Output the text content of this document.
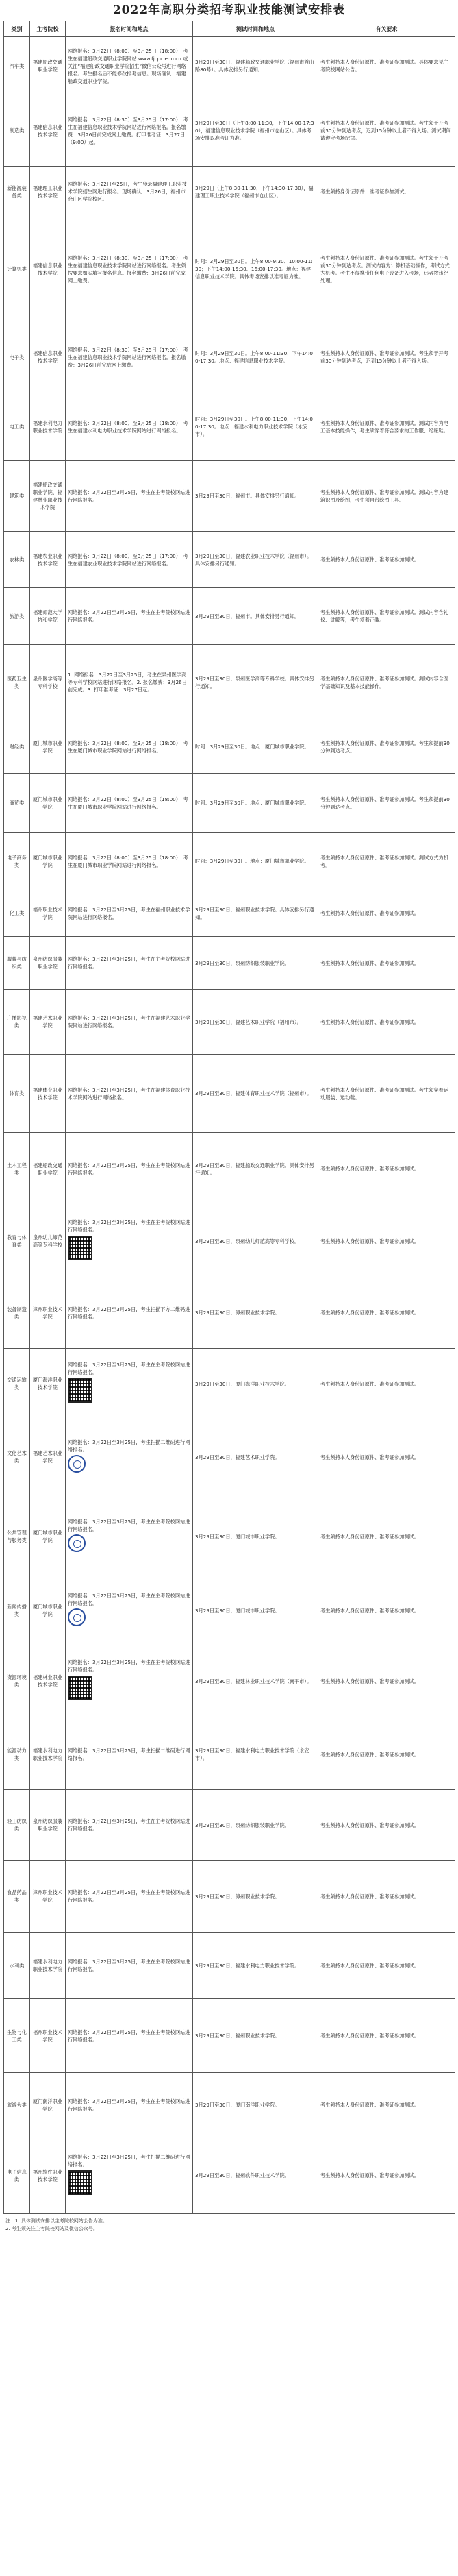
2022年高职分类招考职业技能测试安排表
类别	主考院校	报名时间和地点	测试时间和地点	有关要求
汽车类	福建船政交通职业学院	网络报名：3月22日（8:00）至3月25日（18:00），考生在福建船政交通职业学院网站 www.fjcpc.edu.cn 或关注“福建船政交通职业学院招生”微信公众号进行网络报名。考生报名后不能修改报考信息。现场确认：福建船政交通职业学院。	3月29日至30日，福建船政交通职业学院（福州市首山路80号）。具体安排另行通知。	考生须持本人身份证原件、准考证参加测试。具体要求见主考院校网站公告。
制造类	福建信息职业技术学院	网络报名：3月22日（8:30）至3月25日（17:00），考生在福建信息职业技术学院网站进行网络报名。报名缴费：3月26日前完成网上缴费。打印准考证：3月27日（9:00）起。	3月29日至30日（上午8:00-11:30，下午14:00-17:30），福建信息职业技术学院（福州市仓山区）。具体考场安排以准考证为准。	考生须持本人身份证原件、准考证参加测试。考生须于开考前30分钟到达考点，迟到15分钟以上者不得入场。测试期间请遵守考场纪律。
新能源装备类	福建理工职业技术学院	网络报名：3月22日至25日，考生登录福建理工职业技术学院招生网进行报名。现场确认：3月26日，福州市仓山区学院校区。	3月29日（上午8:30-11:30，下午14:30-17:30），福建理工职业技术学院（福州市仓山区）。	考生须持身份证原件、准考证参加测试。
计算机类	福建信息职业技术学院	网络报名：3月22日（8:30）至3月25日（17:00），考生在福建信息职业技术学院网站进行网络报名。考生须按要求如实填写报名信息。报名缴费：3月26日前完成网上缴费。	时间：3月29日至30日。上午8:00-9:30、10:00-11:30；下午14:00-15:30、16:00-17:30。地点：福建信息职业技术学院。具体考场安排以准考证为准。	考生须持本人身份证原件、准考证参加测试。考生须于开考前30分钟到达考点。测试内容为计算机基础操作，考试方式为机考。考生不得携带任何电子设备进入考场，违者按违纪处理。
电子类	福建信息职业技术学院	网络报名：3月22日（8:30）至3月25日（17:00），考生在福建信息职业技术学院网站进行网络报名。报名缴费：3月26日前完成网上缴费。	时间：3月29日至30日。上午8:00-11:30，下午14:00-17:30。地点：福建信息职业技术学院。	考生须持本人身份证原件、准考证参加测试。考生须于开考前30分钟到达考点，迟到15分钟以上者不得入场。
电工类	福建水利电力职业技术学院	网络报名：3月22日（8:00）至3月25日（18:00），考生在福建水利电力职业技术学院网站进行网络报名。	时间：3月29日至30日。上午8:00-11:30，下午14:00-17:30。地点：福建水利电力职业技术学院（永安市）。	考生须持本人身份证原件、准考证参加测试。测试内容为电工基本技能操作，考生须穿着符合要求的工作服、绝缘鞋。
建筑类	福建船政交通职业学院、福建林业职业技术学院	网络报名：3月22日至3月25日，考生在主考院校网站进行网络报名。	3月29日至30日，福州市。具体安排另行通知。	考生须持本人身份证原件、准考证参加测试。测试内容为建筑识图及绘图，考生须自带绘图工具。
农林类	福建农业职业技术学院	网络报名：3月22日（8:00）至3月25日（17:00），考生在福建农业职业技术学院网站进行网络报名。	3月29日至30日，福建农业职业技术学院（福州市）。具体安排另行通知。	考生须持本人身份证原件、准考证参加测试。
旅游类	福建师范大学协和学院	网络报名：3月22日至3月25日，考生在主考院校网站进行网络报名。	3月29日至30日，福州市。具体安排另行通知。	考生须持本人身份证原件、准考证参加测试。测试内容含礼仪、讲解等，考生须着正装。
医药卫生类	泉州医学高等专科学校	1. 网络报名：3月22日至3月25日，考生在泉州医学高等专科学校网站进行网络报名。2. 报名缴费：3月26日前完成。3. 打印准考证：3月27日起。	3月29日至30日，泉州医学高等专科学校。具体安排另行通知。	考生须持本人身份证原件、准考证参加测试。测试内容含医学基础知识及基本技能操作。
财经类	厦门城市职业学院	网络报名：3月22日（8:00）至3月25日（18:00），考生在厦门城市职业学院网站进行网络报名。	时间：3月29日至30日。地点：厦门城市职业学院。	考生须持本人身份证原件、准考证参加测试。考生须提前30分钟到达考点。
商贸类	厦门城市职业学院	网络报名：3月22日（8:00）至3月25日（18:00），考生在厦门城市职业学院网站进行网络报名。	时间：3月29日至30日。地点：厦门城市职业学院。	考生须持本人身份证原件、准考证参加测试。考生须提前30分钟到达考点。
电子商务类	厦门城市职业学院	网络报名：3月22日（8:00）至3月25日（18:00），考生在厦门城市职业学院网站进行网络报名。	时间：3月29日至30日。地点：厦门城市职业学院。	考生须持本人身份证原件、准考证参加测试。测试方式为机考。
化工类	福州职业技术学院	网络报名：3月22日至3月25日，考生在福州职业技术学院网站进行网络报名。	3月29日至30日，福州职业技术学院。具体安排另行通知。	考生须持本人身份证原件、准考证参加测试。
服装与纺织类	泉州纺织服装职业学院	网络报名：3月22日至3月25日，考生在主考院校网站进行网络报名。	3月29日至30日，泉州纺织服装职业学院。	考生须持本人身份证原件、准考证参加测试。
广播影视类	福建艺术职业学院	网络报名：3月22日至3月25日，考生在福建艺术职业学院网站进行网络报名。	3月29日至30日，福建艺术职业学院（福州市）。	考生须持本人身份证原件、准考证参加测试。
体育类	福建体育职业技术学院	网络报名：3月22日至3月25日，考生在福建体育职业技术学院网站进行网络报名。	3月29日至30日，福建体育职业技术学院（福州市）。	考生须持本人身份证原件、准考证参加测试。考生须穿着运动服装、运动鞋。
土木工程类	福建船政交通职业学院	网络报名：3月22日至3月25日，考生在主考院校网站进行网络报名。	3月29日至30日，福建船政交通职业学院。具体安排另行通知。	考生须持本人身份证原件、准考证参加测试。
教育与体育类	泉州幼儿师范高等专科学校	网络报名：3月22日至3月25日，考生在主考院校网站进行网络报名。	3月29日至30日，泉州幼儿师范高等专科学校。	考生须持本人身份证原件、准考证参加测试。
装备制造类	漳州职业技术学院	网络报名：3月22日至3月25日，考生扫描下方二维码进行网络报名。	3月29日至30日，漳州职业技术学院。	考生须持本人身份证原件、准考证参加测试。
交通运输类	厦门海洋职业技术学院	网络报名：3月22日至3月25日，考生在主考院校网站进行网络报名。	3月29日至30日，厦门海洋职业技术学院。	考生须持本人身份证原件、准考证参加测试。
文化艺术类	福建艺术职业学院	网络报名：3月22日至3月25日，考生扫描二维码进行网络报名。	3月29日至30日，福建艺术职业学院。	考生须持本人身份证原件、准考证参加测试。
公共管理与服务类	厦门城市职业学院	网络报名：3月22日至3月25日，考生在主考院校网站进行网络报名。	3月29日至30日，厦门城市职业学院。	考生须持本人身份证原件、准考证参加测试。
新闻传播类	厦门城市职业学院	网络报名：3月22日至3月25日，考生在主考院校网站进行网络报名。	3月29日至30日，厦门城市职业学院。	考生须持本人身份证原件、准考证参加测试。
资源环境类	福建林业职业技术学院	网络报名：3月22日至3月25日，考生在主考院校网站进行网络报名。	3月29日至30日，福建林业职业技术学院（南平市）。	考生须持本人身份证原件、准考证参加测试。
能源动力类	福建水利电力职业技术学院	网络报名：3月22日至3月25日，考生扫描二维码进行网络报名。	3月29日至30日，福建水利电力职业技术学院（永安市）。	考生须持本人身份证原件、准考证参加测试。
轻工纺织类	泉州纺织服装职业学院	网络报名：3月22日至3月25日，考生在主考院校网站进行网络报名。	3月29日至30日，泉州纺织服装职业学院。	考生须持本人身份证原件、准考证参加测试。
食品药品类	漳州职业技术学院	网络报名：3月22日至3月25日，考生在主考院校网站进行网络报名。	3月29日至30日，漳州职业技术学院。	考生须持本人身份证原件、准考证参加测试。
水利类	福建水利电力职业技术学院	网络报名：3月22日至3月25日，考生在主考院校网站进行网络报名。	3月29日至30日，福建水利电力职业技术学院。	考生须持本人身份证原件、准考证参加测试。
生物与化工类	福州职业技术学院	网络报名：3月22日至3月25日，考生在主考院校网站进行网络报名。	3月29日至30日，福州职业技术学院。	考生须持本人身份证原件、准考证参加测试。
旅游大类	厦门南洋职业学院	网络报名：3月22日至3月25日，考生在主考院校网站进行网络报名。	3月29日至30日，厦门南洋职业学院。	考生须持本人身份证原件、准考证参加测试。
电子信息类	福州软件职业技术学院	网络报名：3月22日至3月25日，考生扫描二维码进行网络报名。	3月29日至30日，福州软件职业技术学院。	考生须持本人身份证原件、准考证参加测试。
注：1. 具体测试安排以主考院校网站公告为准。
2. 考生须关注主考院校网站及微信公众号。
